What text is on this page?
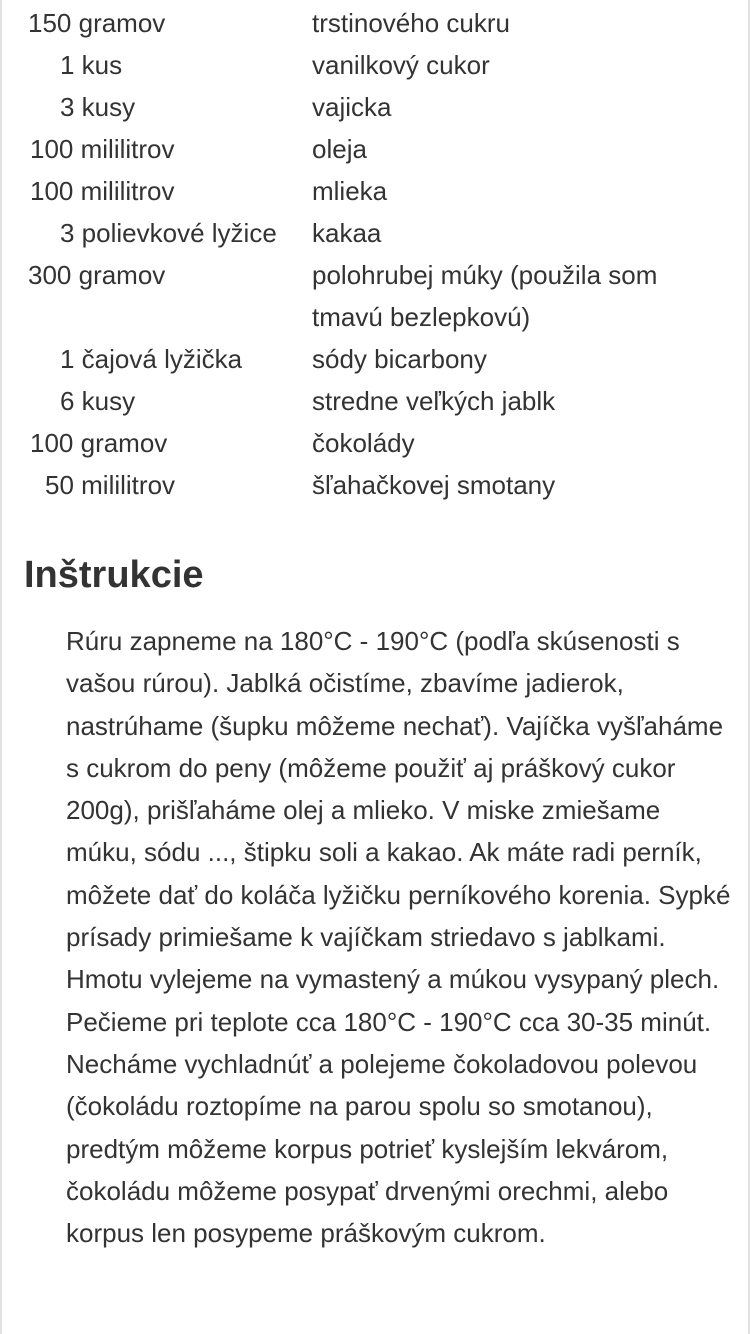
150 gramov	trstinového cukru
1 kus	vanilkový cukor
3 kusy	vajicka
100 mililitrov	oleja
100 mililitrov	mlieka
3 polievkové lyžice	kakaa
300 gramov	polohrubej múky (použila som tmavú bezlepkovú)
1 čajová lyžička	sódy bicarbony
6 kusy	stredne veľkých jablk
100 gramov	čokolády
50 mililitrov	šľahačkovej smotany
Inštrukcie

Rúru zapneme na 180°C - 190°C (podľa skúsenosti s vašou rúrou). Jablká očistíme, zbavíme jadierok, nastrúhame (šupku môžeme nechať). Vajíčka vyšľaháme s cukrom do peny (môžeme použiť aj práškový cukor 200g), prišľaháme olej a mlieko. V miske zmiešame múku, sódu ..., štipku soli a kakao. Ak máte radi perník, môžete dať do koláča lyžičku perníkového korenia. Sypké prísady primiešame k vajíčkam striedavo s jablkami. Hmotu vylejeme na vymastený a múkou vysypaný plech. Pečieme pri teplote cca 180°C - 190°C cca 30-35 minút. Necháme vychladnúť a polejeme čokoladovou polevou (čokoládu roztopíme na parou spolu so smotanou), predtým môžeme korpus potrieť kyslejším lekvárom, čokoládu môžeme posypať drvenými orechmi, alebo korpus len posypeme práškovým cukrom.
